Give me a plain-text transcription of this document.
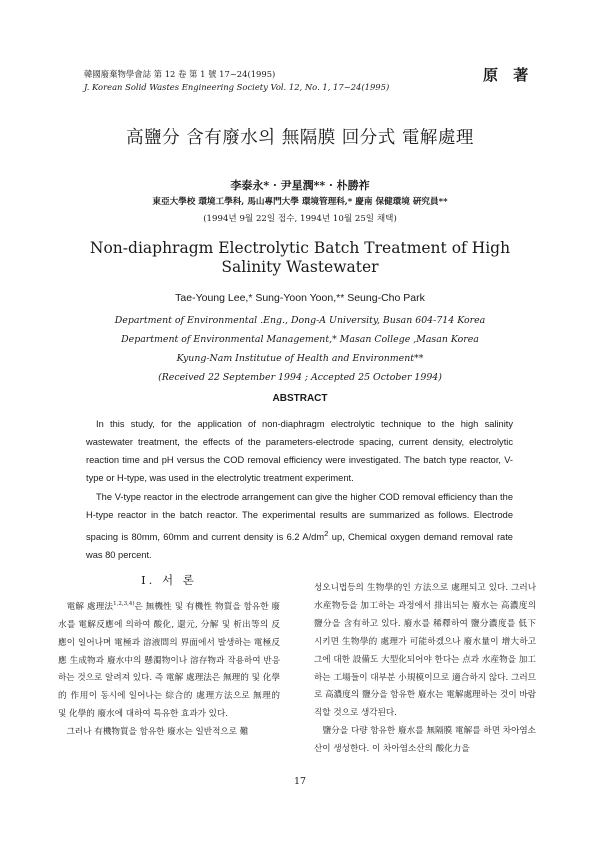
韓國廢棄物學會誌 第 12 卷 第 1 號 17~24(1995)
J. Korean Solid Wastes Engineering Society Vol. 12, No. 1, 17~24(1995)
原 著
高鹽分 含有廢水의 無隔膜 回分式 電解處理
李泰永* · 尹星潤** · 朴勝祚
東亞大學校 環境工學科, 馬山專門大學 環境管理科,* 慶南 保健環境 硏究員**
(1994년 9월 22일 접수, 1994년 10월 25일 채택)
Non-diaphragm Electrolytic Batch Treatment of High
Salinity Wastewater
Tae-Young Lee,* Sung-Yoon Yoon,** Seung-Cho Park
Department of Environmental .Eng., Dong-A University, Busan 604-714 Korea
Department of Environmental Management,* Masan College ,Masan Korea
Kyung-Nam Institutue of Health and Environment**
(Received 22 September 1994 ; Accepted 25 October 1994)
ABSTRACT

In this study, for the application of non-diaphragm electrolytic technique to the high salinity wastewater treatment, the effects of the parameters-electrode spacing, current density, electrolytic reaction time and pH versus the COD removal efficiency were investigated. The batch type reactor, V-type or H-type, was used in the electrolytic treatment experiment.

The V-type reactor in the electrode arrangement can give the higher COD removal efficiency than the H-type reactor in the batch reactor. The experimental results are summarized as follows. Electrode spacing is 80mm, 60mm and current density is 6.2 $A/dm^2$ up, Chemical oxygen demand removal rate was 80 percent.

I. 서 론

電解 處理法$^{1,2,3,4)}$은 無機性 및 有機性 物質을 함유한 廢水를 電解反應에 의하여 酸化, 還元, 分解 및 析出等의 反應이 일어나며 電極과 溶液間의 界面에서 발생하는 電極反應 生成物과 廢水中의 懸濁物이나 溶存物과 작용하여 반응하는 것으로 알려져 있다. 즉 電解 處理法은 無理的 및 化學的 作用이 동시에 일어나는 綜合的 處理方法으로 無理的 및 化學的 廢水에 대하여 특유한 효과가 있다.

그러나 有機物質을 함유한 廢水는 일반적으로 難

성오니법등의 生物學的인 方法으로 處理되고 있다. 그러나 水産物등을 加工하는 과정에서 排出되는 廢水는 高濃度의 鹽分을 含有하고 있다. 廢水를 稀釋하여 鹽分濃度를 低下시키면 生物學的 處理가 可能하겠으나 廢水量이 增大하고 그에 대한 設備도 大型化되어야 한다는 点과 水産物을 加工하는 工場들이 대부분 小規模이므로 適合하지 않다. 그러므로 高濃度의 鹽分을 함유한 廢水는 電解處理하는 것이 바람직할 것으로 생각된다.

鹽分을 다량 함유한 廢水를 無隔膜 電解를 하면 차아염소산이 생성한다. 이 차아염소산의 酸化力을

17
